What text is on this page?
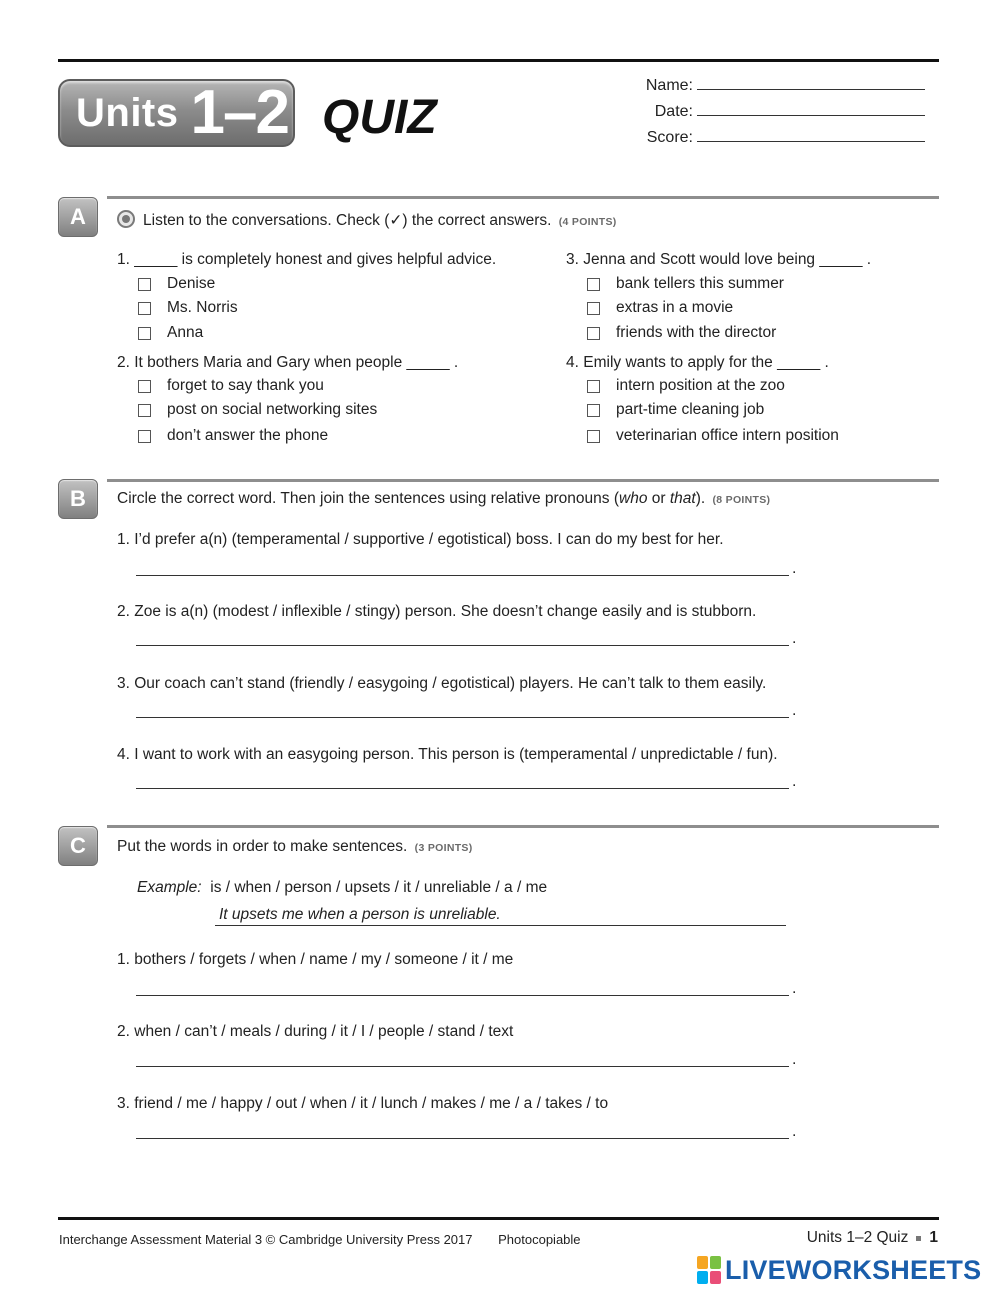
Units 1–2 QUIZ
Name:
Date:
Score:
A	Listen to the conversations. Check (✓) the correct answers. (4 POINTS)
1. _____ is completely honest and gives helpful advice.
Denise
Ms. Norris
Anna
2. It bothers Maria and Gary when people _____ .
forget to say thank you
post on social networking sites
don’t answer the phone
3. Jenna and Scott would love being _____ .
bank tellers this summer
extras in a movie
friends with the director
4. Emily wants to apply for the _____ .
intern position at the zoo
part-time cleaning job
veterinarian office intern position
B	Circle the correct word. Then join the sentences using relative pronouns (who or that). (8 POINTS)
1. I’d prefer a(n) (temperamental / supportive / egotistical) boss. I can do my best for her.
.
2. Zoe is a(n) (modest / inflexible / stingy) person. She doesn’t change easily and is stubborn.
.
3. Our coach can’t stand (friendly / easygoing / egotistical) players. He can’t talk to them easily.
.
4. I want to work with an easygoing person. This person is (temperamental / unpredictable / fun).
.
C	Put the words in order to make sentences. (3 POINTS)
Example: is / when / person / upsets / it / unreliable / a / me
It upsets me when a person is unreliable.
1. bothers / forgets / when / name / my / someone / it / me
.
2. when / can’t / meals / during / it / I / people / stand / text
.
3. friend / me / happy / out / when / it / lunch / makes / me / a / takes / to
.
Interchange Assessment Material 3 © Cambridge University Press 2017 Photocopiable	Units 1–2 Quiz 1
LIVEWORKSHEETS
